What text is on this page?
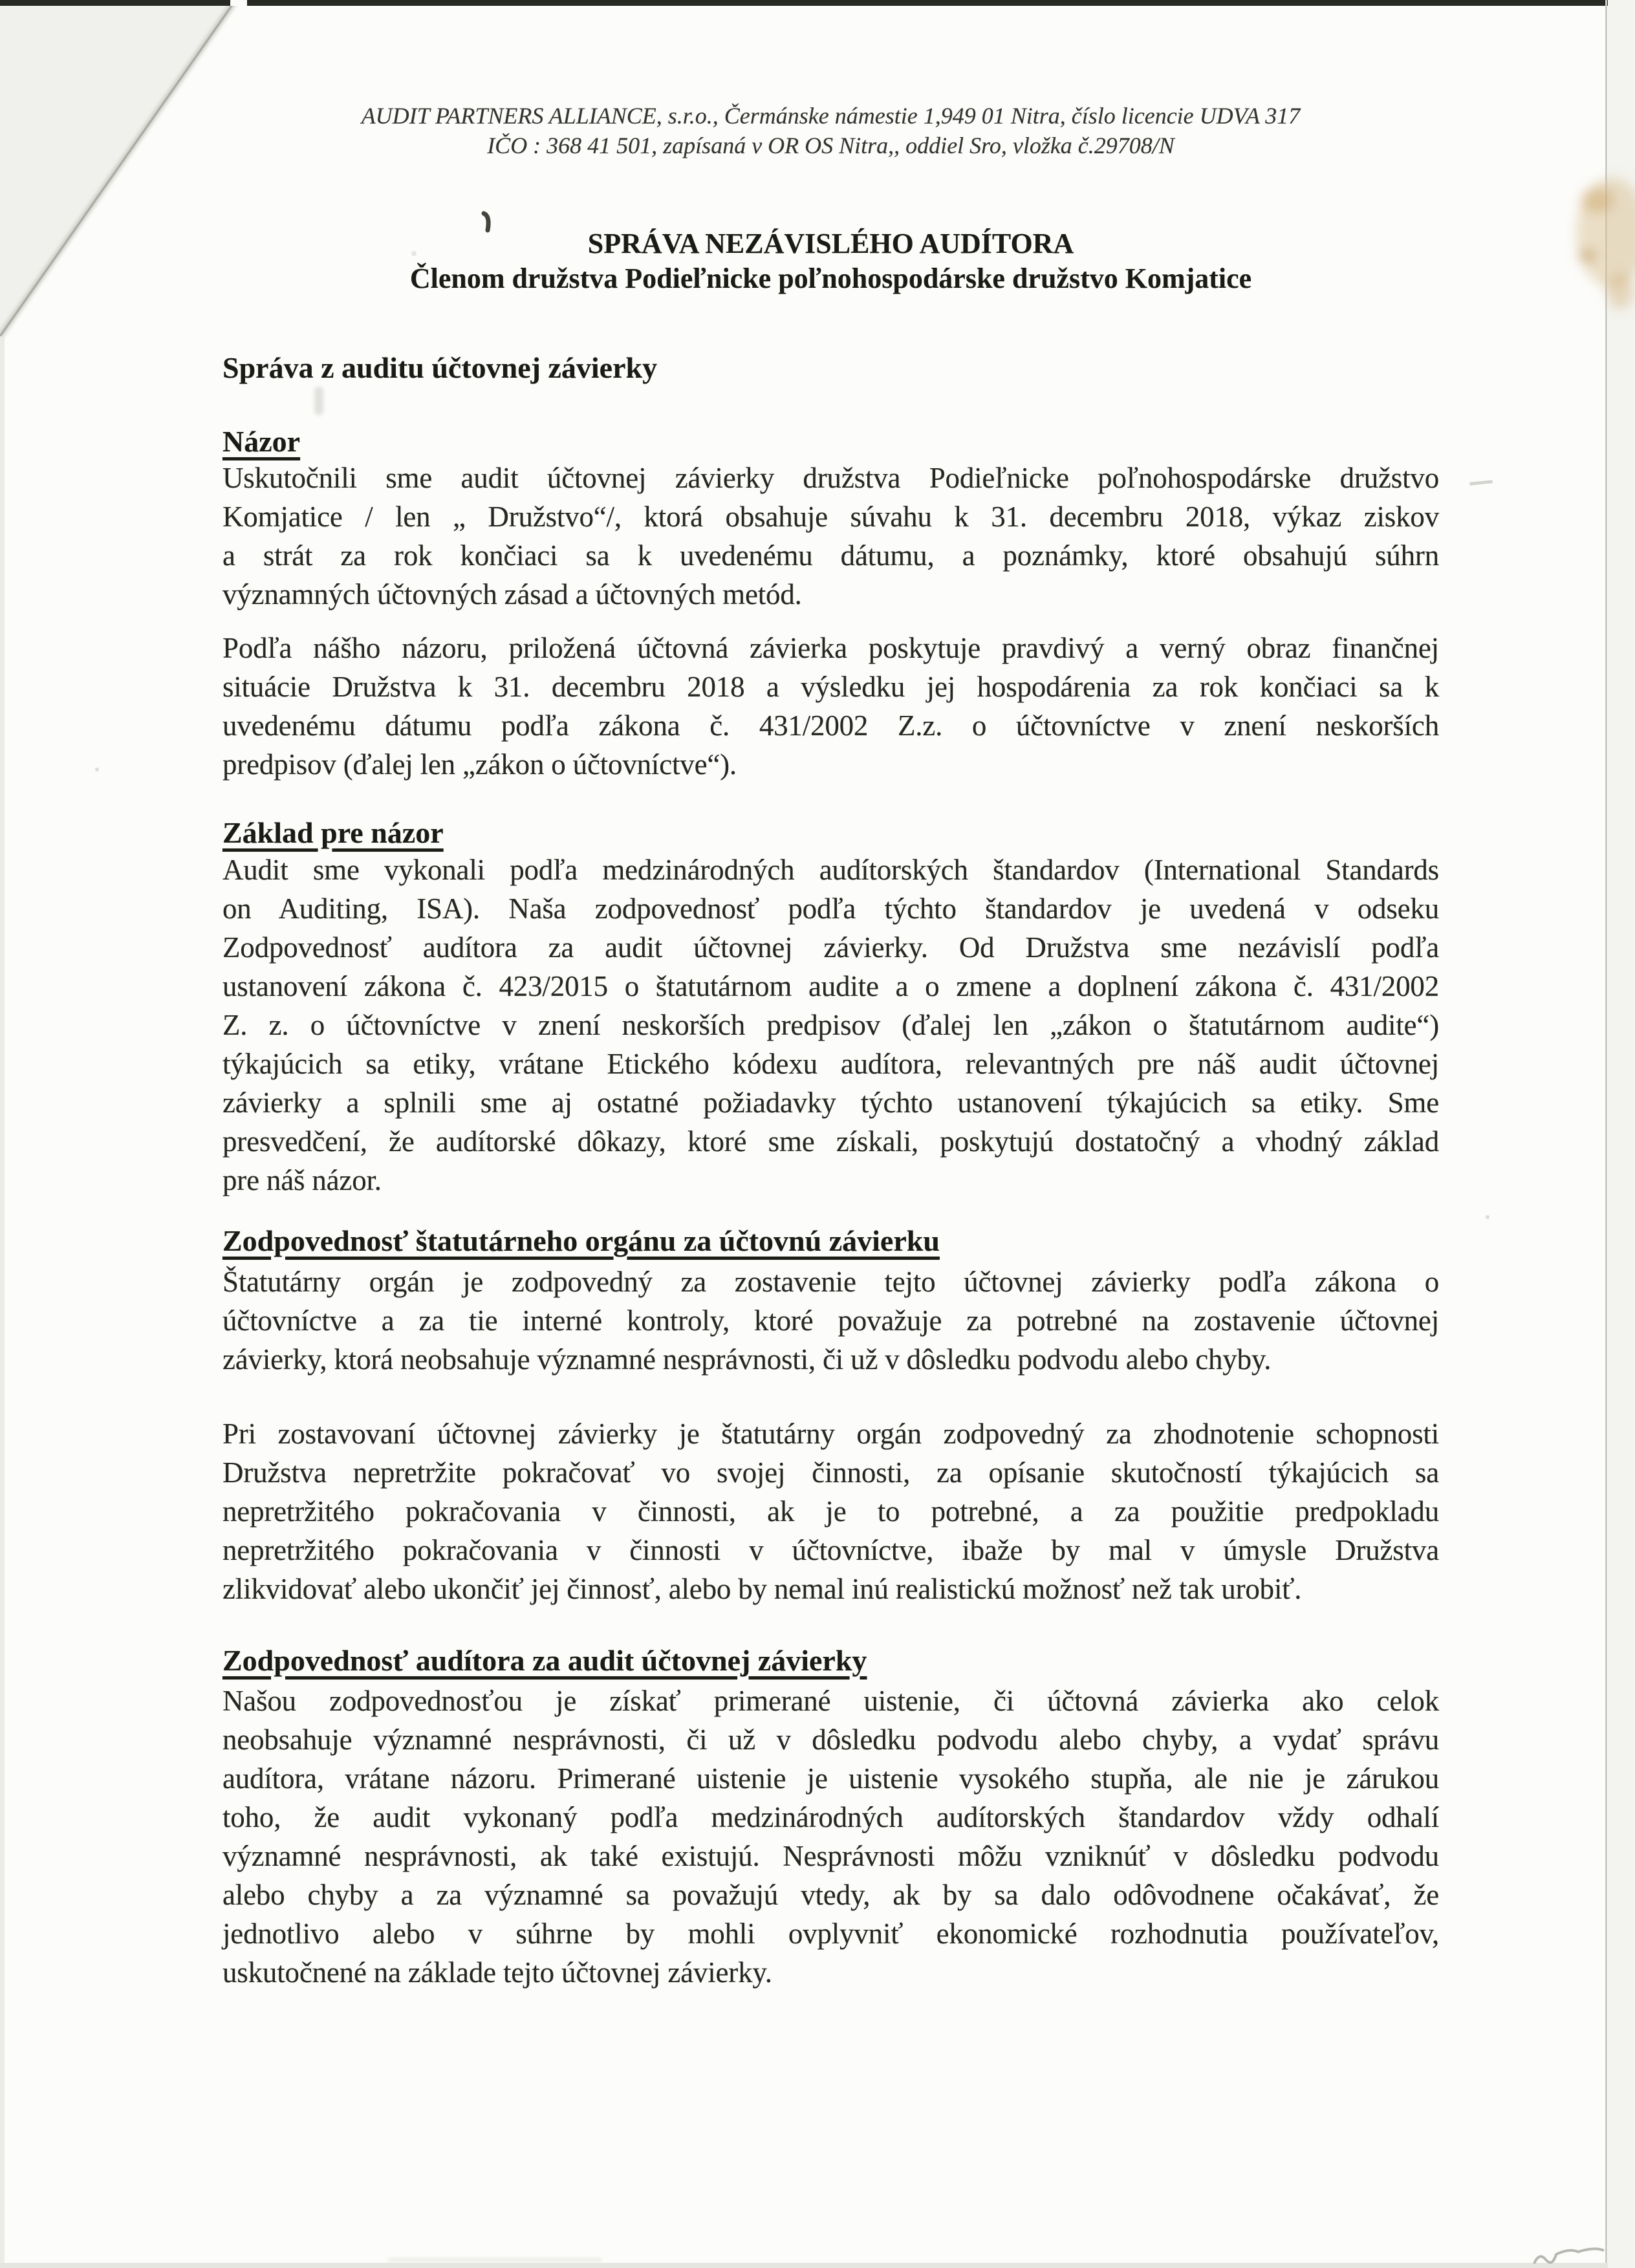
AUDIT PARTNERS ALLIANCE, s.r.o., Čermánske námestie 1,949 01 Nitra, číslo licencie UDVA 317
IČO : 368 41 501, zapísaná v OR OS Nitra,, oddiel Sro, vložka č.29708/N
SPRÁVA NEZÁVISLÉHO AUDÍTORA
Členom družstva Podieľnicke poľnohospodárske družstvo Komjatice
Správa z auditu účtovnej závierky
Názor
Uskutočnili sme audit účtovnej závierky družstva Podieľnicke poľnohospodárske družstvo
Komjatice / len „ Družstvo“/, ktorá obsahuje súvahu k 31. decembru 2018, výkaz ziskov
a strát za rok končiaci sa k uvedenému dátumu, a poznámky, ktoré obsahujú súhrn
významných účtovných zásad a účtovných metód.
Podľa nášho názoru, priložená účtovná závierka poskytuje pravdivý a verný obraz finančnej
situácie Družstva k 31. decembru 2018 a výsledku jej hospodárenia za rok končiaci sa k
uvedenému dátumu podľa zákona č. 431/2002 Z.z. o účtovníctve v znení neskorších
predpisov (ďalej len „zákon o účtovníctve“).
Základ pre názor
Audit sme vykonali podľa medzinárodných audítorských štandardov (International Standards
on Auditing, ISA). Naša zodpovednosť podľa týchto štandardov je uvedená v odseku
Zodpovednosť audítora za audit účtovnej závierky. Od Družstva sme nezávislí podľa
ustanovení zákona č. 423/2015 o štatutárnom audite a o zmene a doplnení zákona č. 431/2002
Z. z. o účtovníctve v znení neskorších predpisov (ďalej len „zákon o štatutárnom audite“)
týkajúcich sa etiky, vrátane Etického kódexu audítora, relevantných pre náš audit účtovnej
závierky a splnili sme aj ostatné požiadavky týchto ustanovení týkajúcich sa etiky. Sme
presvedčení, že audítorské dôkazy, ktoré sme získali, poskytujú dostatočný a vhodný základ
pre náš názor.
Zodpovednosť štatutárneho orgánu za účtovnú závierku
Štatutárny orgán je zodpovedný za zostavenie tejto účtovnej závierky podľa zákona o
účtovníctve a za tie interné kontroly, ktoré považuje za potrebné na zostavenie účtovnej
závierky, ktorá neobsahuje významné nesprávnosti, či už v dôsledku podvodu alebo chyby.
Pri zostavovaní účtovnej závierky je štatutárny orgán zodpovedný za zhodnotenie schopnosti
Družstva nepretržite pokračovať vo svojej činnosti, za opísanie skutočností týkajúcich sa
nepretržitého pokračovania v činnosti, ak je to potrebné, a za použitie predpokladu
nepretržitého pokračovania v činnosti v účtovníctve, ibaže by mal v úmysle Družstva
zlikvidovať alebo ukončiť jej činnosť, alebo by nemal inú realistickú možnosť než tak urobiť.
Zodpovednosť audítora za audit účtovnej závierky
Našou zodpovednosťou je získať primerané uistenie, či účtovná závierka ako celok
neobsahuje významné nesprávnosti, či už v dôsledku podvodu alebo chyby, a vydať správu
audítora, vrátane názoru. Primerané uistenie je uistenie vysokého stupňa, ale nie je zárukou
toho, že audit vykonaný podľa medzinárodných audítorských štandardov vždy odhalí
významné nesprávnosti, ak také existujú. Nesprávnosti môžu vzniknúť v dôsledku podvodu
alebo chyby a za významné sa považujú vtedy, ak by sa dalo odôvodnene očakávať, že
jednotlivo alebo v súhrne by mohli ovplyvniť ekonomické rozhodnutia používateľov,
uskutočnené na základe tejto účtovnej závierky.
